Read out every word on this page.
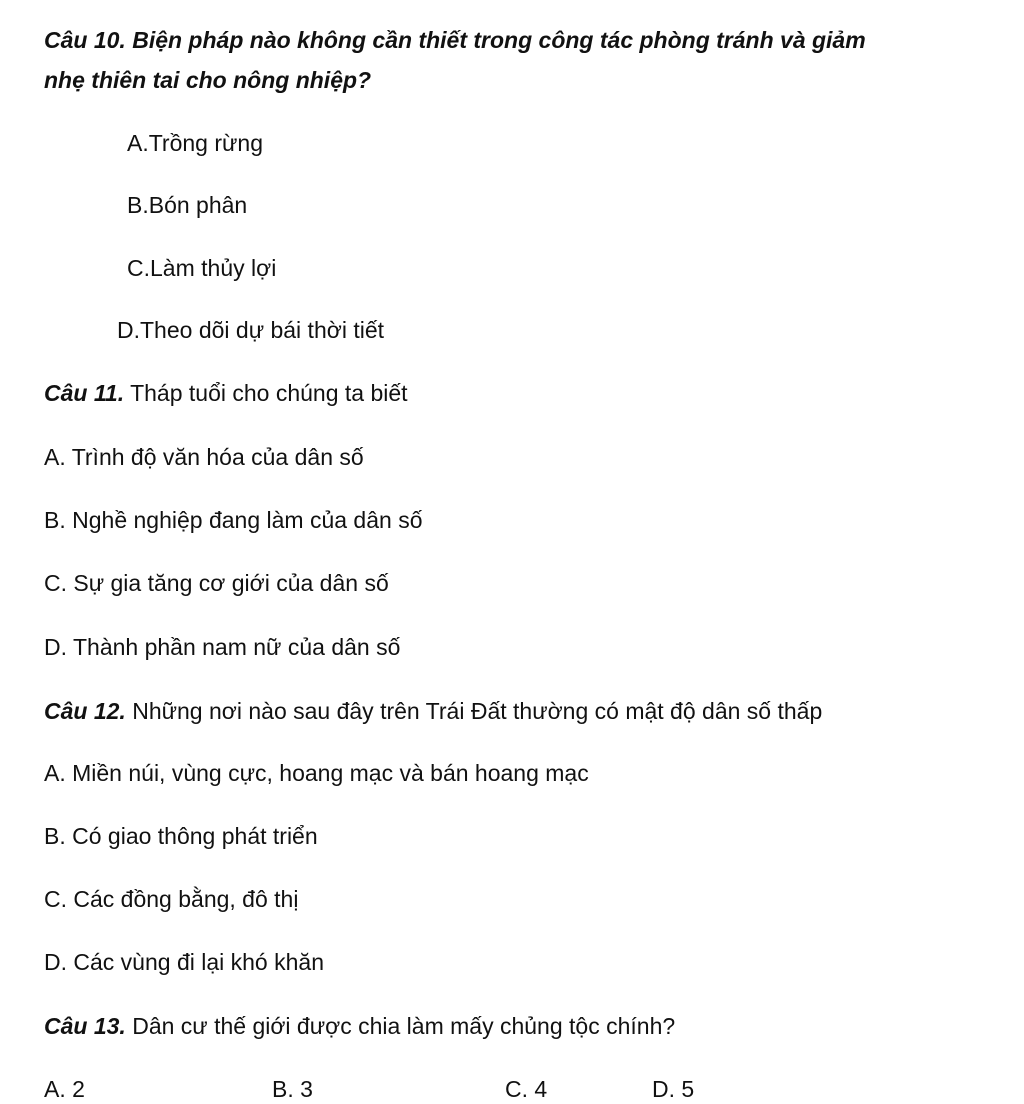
Câu 10. Biện pháp nào không cần thiết trong công tác phòng tránh và giảm
nhẹ thiên tai cho nông nhiệp?
A.Trồng rừng
B.Bón phân
C.Làm thủy lợi
D.Theo dõi dự bái thời tiết
Câu 11. Tháp tuổi cho chúng ta biết
A. Trình độ văn hóa của dân số
B. Nghề nghiệp đang làm của dân số
C. Sự gia tăng cơ giới của dân số
D. Thành phần nam nữ của dân số
Câu 12. Những nơi nào sau đây trên Trái Đất thường có mật độ dân số thấp
A. Miền núi, vùng cực, hoang mạc và bán hoang mạc
B. Có giao thông phát triển
C. Các đồng bằng, đô thị
D. Các vùng đi lại khó khăn
Câu 13. Dân cư thế giới được chia làm mấy chủng tộc chính?
A. 2	B. 3	C. 4	D. 5
